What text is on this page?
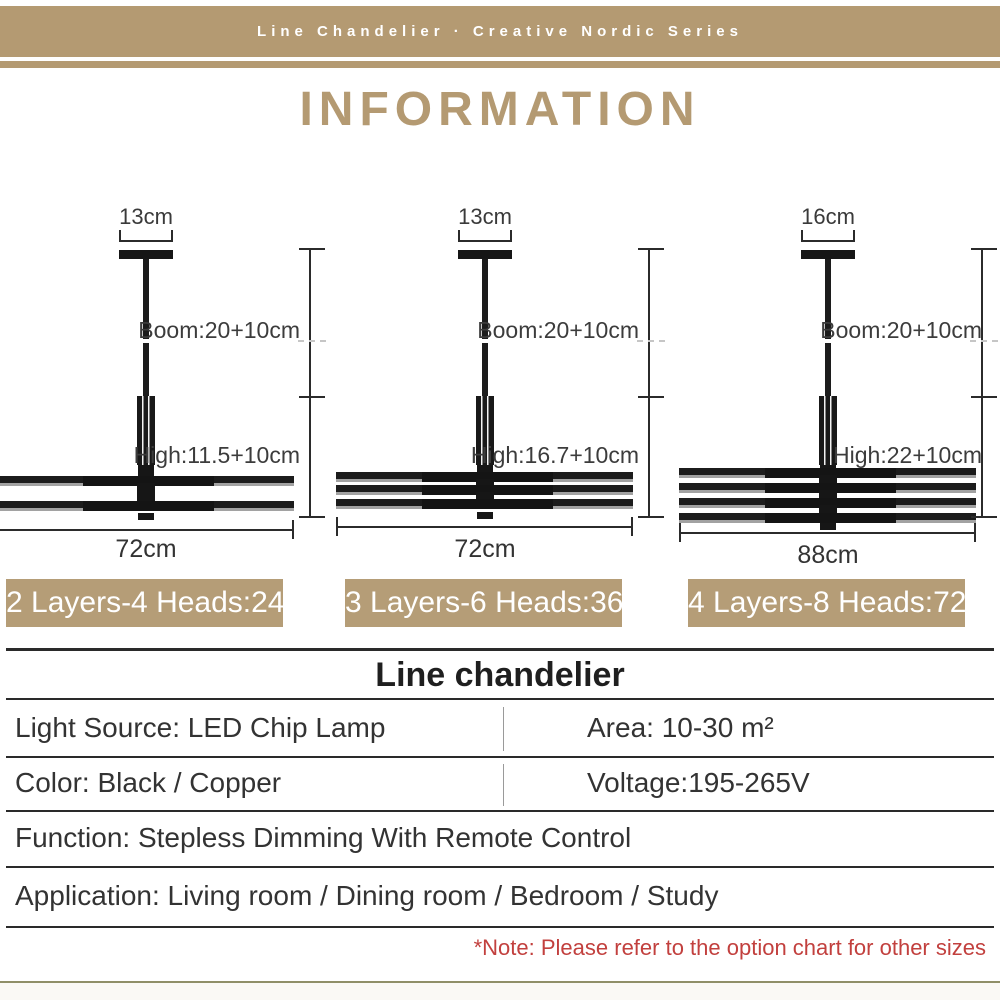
Line Chandelier · Creative Nordic Series
INFORMATION
13cm
Boom:20+10cm
High:11.5+10cm
72cm
2 Layers-4 Heads:24W
13cm
Boom:20+10cm
High:16.7+10cm
72cm
3 Layers-6 Heads:36W
16cm
Boom:20+10cm
High:22+10cm
88cm
4 Layers-8 Heads:72W
Line chandelier
Light Source: LED Chip Lamp	Area: 10-30 m²
Color: Black / Copper	Voltage:195-265V
Function: Stepless Dimming With Remote Control
Application: Living room / Dining room / Bedroom / Study
*Note: Please refer to the option chart for other sizes
